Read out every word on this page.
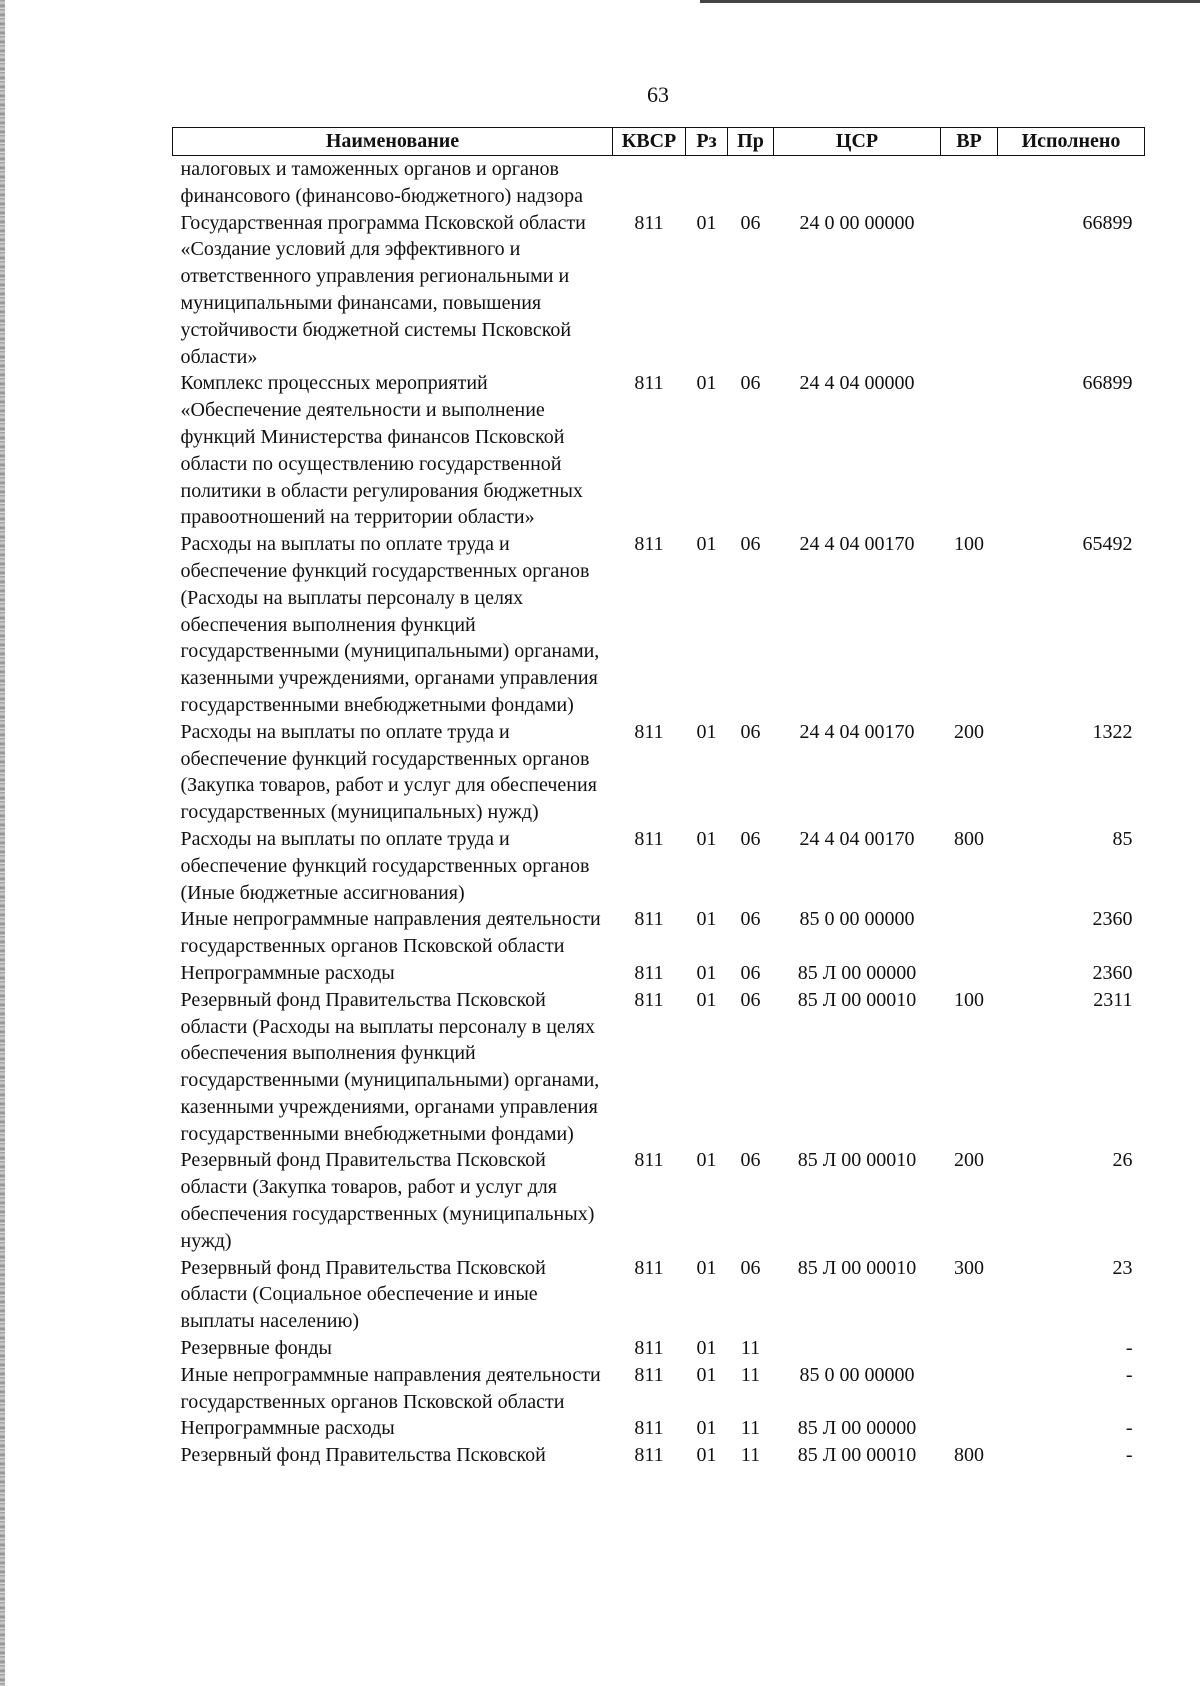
63
Наименование	КВСР	Рз	Пр	ЦСР	ВР	Исполнено
налоговых и таможенных органов и органов финансового (финансово-бюджетного) надзора						
Государственная программа Псковской области «Создание условий для эффективного и ответственного управления региональными и муниципальными финансами, повышения устойчивости бюджетной системы Псковской области»	811	01	06	24 0 00 00000		66899
Комплекс процессных мероприятий «Обеспечение деятельности и выполнение функций Министерства финансов Псковской области по осуществлению государственной политики в области регулирования бюджетных правоотношений на территории области»	811	01	06	24 4 04 00000		66899
Расходы на выплаты по оплате труда и обеспечение функций государственных органов (Расходы на выплаты персоналу в целях обеспечения выполнения функций государственными (муниципальными) органами, казенными учреждениями, органами управления государственными внебюджетными фондами)	811	01	06	24 4 04 00170	100	65492
Расходы на выплаты по оплате труда и обеспечение функций государственных органов (Закупка товаров, работ и услуг для обеспечения государственных (муниципальных) нужд)	811	01	06	24 4 04 00170	200	1322
Расходы на выплаты по оплате труда и обеспечение функций государственных органов (Иные бюджетные ассигнования)	811	01	06	24 4 04 00170	800	85
Иные непрограммные направления деятельности государственных органов Псковской области	811	01	06	85 0 00 00000		2360
Непрограммные расходы	811	01	06	85 Л 00 00000		2360
Резервный фонд Правительства Псковской области (Расходы на выплаты персоналу в целях обеспечения выполнения функций государственными (муниципальными) органами, казенными учреждениями, органами управления государственными внебюджетными фондами)	811	01	06	85 Л 00 00010	100	2311
Резервный фонд Правительства Псковской области (Закупка товаров, работ и услуг для обеспечения государственных (муниципальных) нужд)	811	01	06	85 Л 00 00010	200	26
Резервный фонд Правительства Псковской области (Социальное обеспечение и иные выплаты населению)	811	01	06	85 Л 00 00010	300	23
Резервные фонды	811	01	11			-
Иные непрограммные направления деятельности государственных органов Псковской области	811	01	11	85 0 00 00000		-
Непрограммные расходы	811	01	11	85 Л 00 00000		-
Резервный фонд Правительства Псковской	811	01	11	85 Л 00 00010	800	-
